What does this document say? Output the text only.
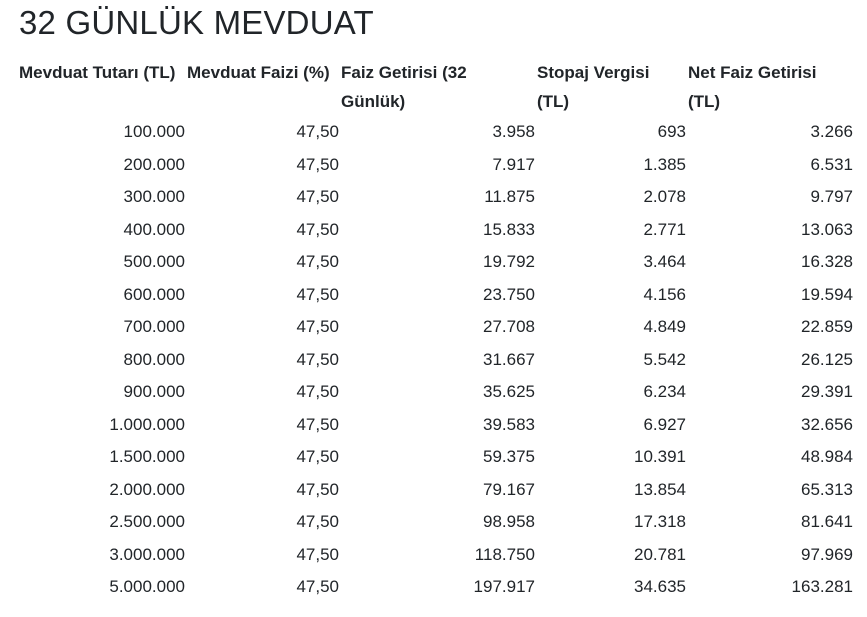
32 GÜNLÜK MEVDUAT
Mevduat Tutarı (TL)	Mevduat Faizi (%)	Faiz Getirisi (32 Günlük)	Stopaj Vergisi (TL)	Net Faiz Getirisi (TL)
100.000	47,50	3.958	693	3.266
200.000	47,50	7.917	1.385	6.531
300.000	47,50	11.875	2.078	9.797
400.000	47,50	15.833	2.771	13.063
500.000	47,50	19.792	3.464	16.328
600.000	47,50	23.750	4.156	19.594
700.000	47,50	27.708	4.849	22.859
800.000	47,50	31.667	5.542	26.125
900.000	47,50	35.625	6.234	29.391
1.000.000	47,50	39.583	6.927	32.656
1.500.000	47,50	59.375	10.391	48.984
2.000.000	47,50	79.167	13.854	65.313
2.500.000	47,50	98.958	17.318	81.641
3.000.000	47,50	118.750	20.781	97.969
5.000.000	47,50	197.917	34.635	163.281
